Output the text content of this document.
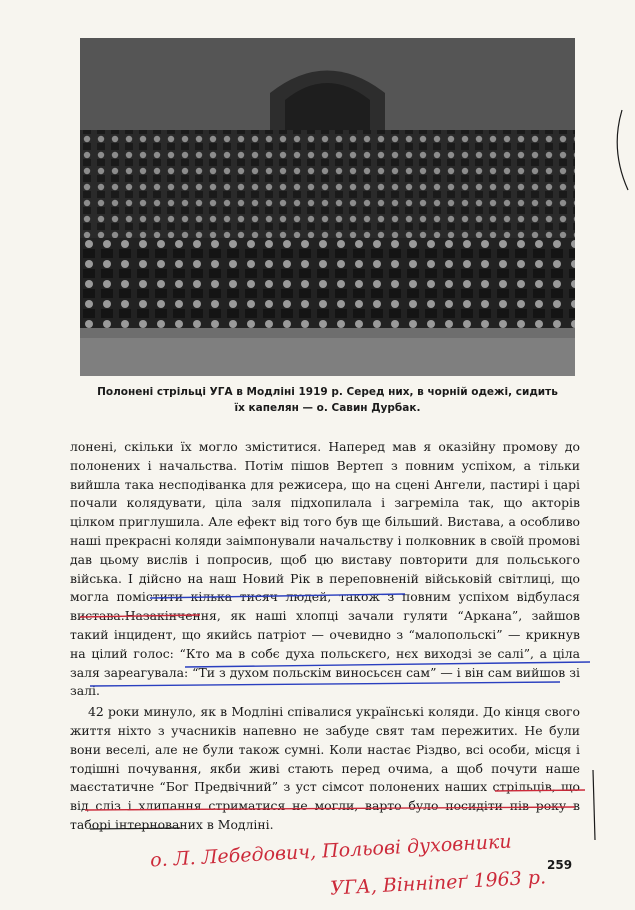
Полонені стрільці УГА в Модліні 1919 р. Серед них, в чорній одежі, сидить
їх капелян — о. Савин Дурбак.

лонені, скільки їх могло зміститися. Наперед мав я оказійну промову до полонених і начальства. Потім пішов Вертеп з повним успіхом, а тільки вийшла така несподіванка для режисера, що на сцені Ангели, пастирі і царі почали колядувати, ціла заля підхопилала і загреміла так, що акторів цілком приглушила. Але ефект від того був ще більший. Вистава, а особливо наші прекрасні коляди заімпонували начальству і полковник в своїй промові дав цьому вислів і попросив, щоб цю виставу повторити для польського війська. І дійсно на наш Новий Рік в переповненій військовій світлиці, що могла помістити кілька тисяч людей, також з повним успіхом відбулася вистава.Назакінчення, як наші хлопці зачали гуляти “Аркана”, зайшов такий інцидент, що якийсь патріот — очевидно з “малопольскі” — крикнув на цілий голос: “Кто ма в собє духа польскєго, нєх виходзі зе салі”, а ціла заля зареагувала: “Ти з духом польскім виносьсєн сам” — і він сам вийшов зі залі.

42 роки минуло, як в Модліні співалися українські коляди. До кінця свого життя ніхто з учасників напевно не забуде свят там пережитих. Не були вони веселі, але не були також сумні. Коли настає Різдво, всі особи, місця і тодішні почування, якби живі стають перед очима, а щоб почути наше маєстатичне “Бог Предвічний” з уст сімсот полонених наших стрільців, що від сліз і хлипання стриматися не могли, варто було посидіти пів року в таборі інтернованих в Модліні.

259
о. Л. Лебедович, Польові духовники
УГА, Вінніпеґ 1963 р.
